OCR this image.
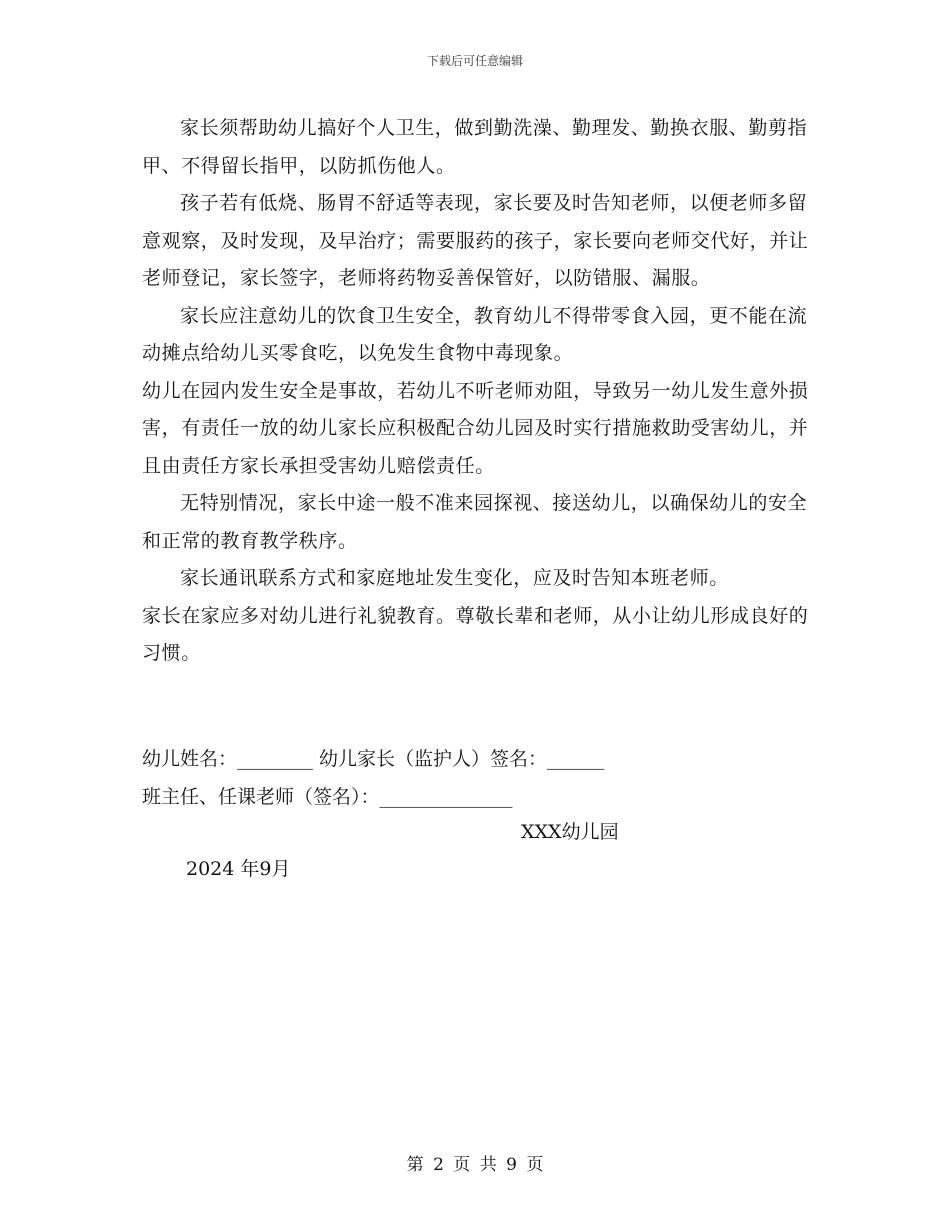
下载后可任意编辑

家长须帮助幼儿搞好个人卫生，做到勤洗澡、勤理发、勤换衣服、勤剪指甲、不得留长指甲，以防抓伤他人。

孩子若有低烧、肠胃不舒适等表现，家长要及时告知老师，以便老师多留意观察，及时发现，及早治疗；需要服药的孩子，家长要向老师交代好，并让老师登记，家长签字，老师将药物妥善保管好，以防错服、漏服。

家长应注意幼儿的饮食卫生安全，教育幼儿不得带零食入园，更不能在流动摊点给幼儿买零食吃，以免发生食物中毒现象。

幼儿在园内发生安全是事故，若幼儿不听老师劝阻，导致另一幼儿发生意外损害，有责任一放的幼儿家长应积极配合幼儿园及时实行措施救助受害幼儿，并且由责任方家长承担受害幼儿赔偿责任。

无特别情况，家长中途一般不准来园探视、接送幼儿，以确保幼儿的安全和正常的教育教学秩序。

家长通讯联系方式和家庭地址发生变化，应及时告知本班老师。

家长在家应多对幼儿进行礼貌教育。尊敬长辈和老师，从小让幼儿形成良好的习惯。

幼儿姓名：________ 幼儿家长（监护人）签名：______
班主任、任课老师（签名）：______________
XXX幼儿园
2024 年9月
第 2 页 共 9 页
